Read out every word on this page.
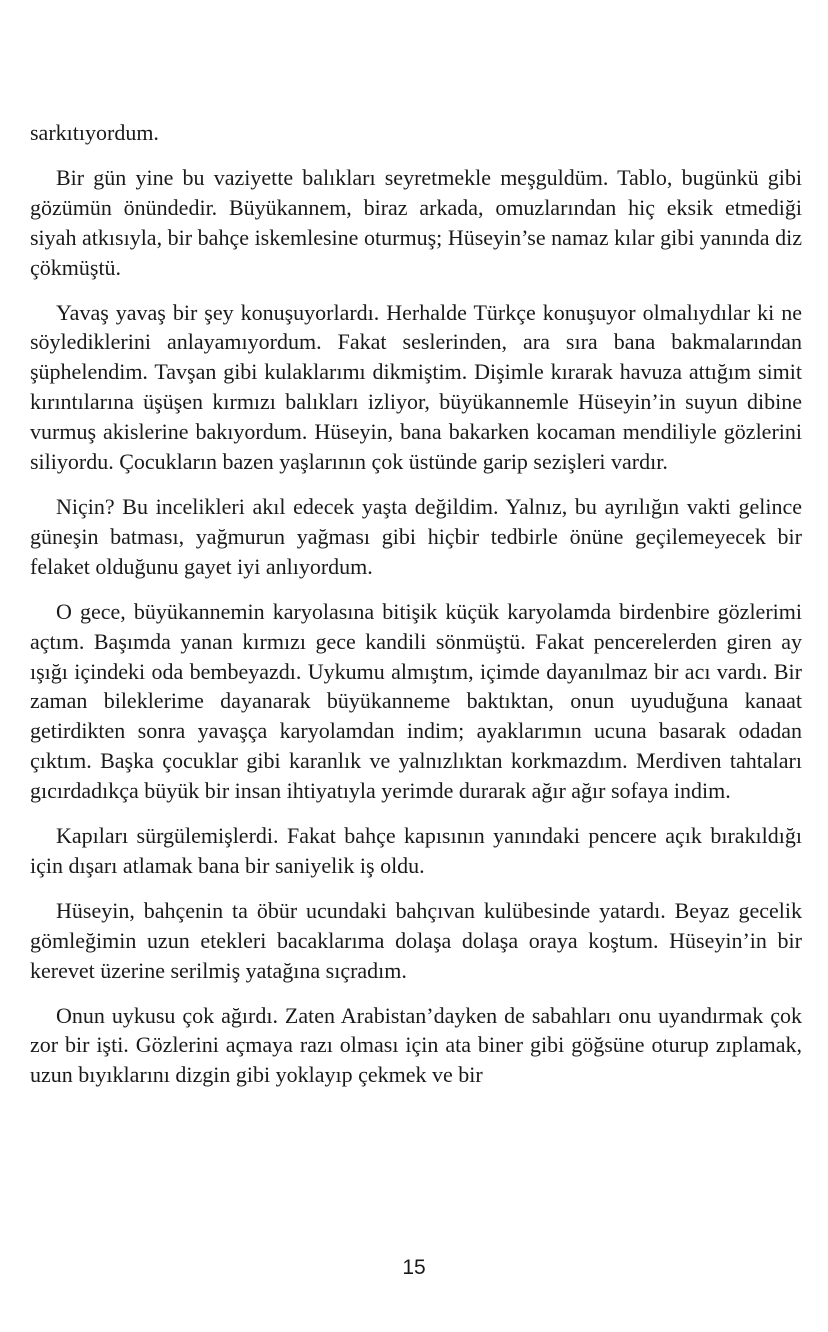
sarkıtıyordum.

Bir gün yine bu vaziyette balıkları seyretmekle meşguldüm. Tablo, bugünkü gibi gözümün önündedir. Büyükannem, biraz arkada, omuzlarından hiç eksik etmediği siyah atkısıyla, bir bahçe iskemlesine oturmuş; Hüseyin’se namaz kılar gibi yanında diz çökmüştü.

Yavaş yavaş bir şey konuşuyorlardı. Herhalde Türkçe konuşuyor olmalıydılar ki ne söylediklerini anlayamıyordum. Fakat seslerinden, ara sıra bana bakmalarından şüphelendim. Tavşan gibi kulaklarımı dikmiştim. Dişimle kırarak havuza attığım simit kırıntılarına üşüşen kırmızı balıkları izliyor, büyükannemle Hüseyin’in suyun dibine vurmuş akislerine bakıyordum. Hüseyin, bana bakarken kocaman mendiliyle gözlerini siliyordu. Çocukların bazen yaşlarının çok üstünde garip sezişleri vardır.

Niçin? Bu incelikleri akıl edecek yaşta değildim. Yalnız, bu ayrılığın vakti gelince güneşin batması, yağmurun yağması gibi hiçbir tedbirle önüne geçilemeyecek bir felaket olduğunu gayet iyi anlıyordum.

O gece, büyükannemin karyolasına bitişik küçük karyolamda birdenbire gözlerimi açtım. Başımda yanan kırmızı gece kandili sönmüştü. Fakat pencerelerden giren ay ışığı içindeki oda bembeyazdı. Uykumu almıştım, içimde dayanılmaz bir acı vardı. Bir zaman bileklerime dayanarak büyükanneme baktıktan, onun uyuduğuna kanaat getirdikten sonra yavaşça karyolamdan indim; ayaklarımın ucuna basarak odadan çıktım. Başka çocuklar gibi karanlık ve yalnızlıktan korkmazdım. Merdiven tahtaları gıcırdadıkça büyük bir insan ihtiyatıyla yerimde durarak ağır ağır sofaya indim.

Kapıları sürgülemişlerdi. Fakat bahçe kapısının yanındaki pencere açık bırakıldığı için dışarı atlamak bana bir saniyelik iş oldu.

Hüseyin, bahçenin ta öbür ucundaki bahçıvan kulübesinde yatardı. Beyaz gecelik gömleğimin uzun etekleri bacaklarıma dolaşa dolaşa oraya koştum. Hüseyin’in bir kerevet üzerine serilmiş yatağına sıçradım.

Onun uykusu çok ağırdı. Zaten Arabistan’dayken de sabahları onu uyandırmak çok zor bir işti. Gözlerini açmaya razı olması için ata biner gibi göğsüne oturup zıplamak, uzun bıyıklarını dizgin gibi yoklayıp çekmek ve bir

15
